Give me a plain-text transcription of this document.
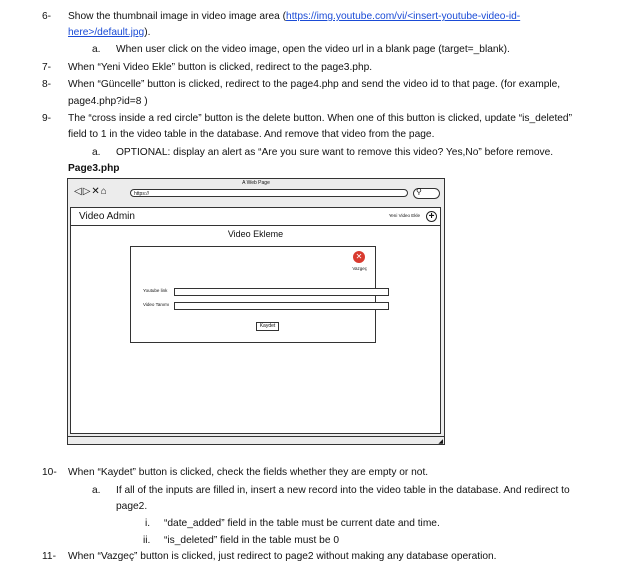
6- Show the thumbnail image in video image area (https://img.youtube.com/vi/<insert-youtube-video-id-
here>/default.jpg).
a. When user click on the video image, open the video url in a blank page (target=_blank).
7- When “Yeni Video Ekle” button is clicked, redirect to the page3.php.
8- When “Güncelle” button is clicked, redirect to the page4.php and send the video id to that page. (for example,
page4.php?id=8 )
9- The “cross inside a red circle” button is the delete button. When one of this button is clicked, update “is_deleted”
field to 1 in the video table in the database. And remove that video from the page.
a. OPTIONAL: display an alert as “Are you sure want to remove this video? Yes,No” before remove.
Page3.php
A Web Page
◁▷✕⌂	https://	⚲
Video Admin	Yeni Video Ekle +
Video Ekleme
✕
Vazgeç
Youtube link
Video Tanımı
Kaydet
◢
10- When “Kaydet” button is clicked, check the fields whether they are empty or not.
a. If all of the inputs are filled in, insert a new record into the video table in the database. And redirect to
page2.
i. “date_added” field in the table must be current date and time.
ii. “is_deleted” field in the table must be 0
11- When “Vazgeç” button is clicked, just redirect to page2 without making any database operation.
